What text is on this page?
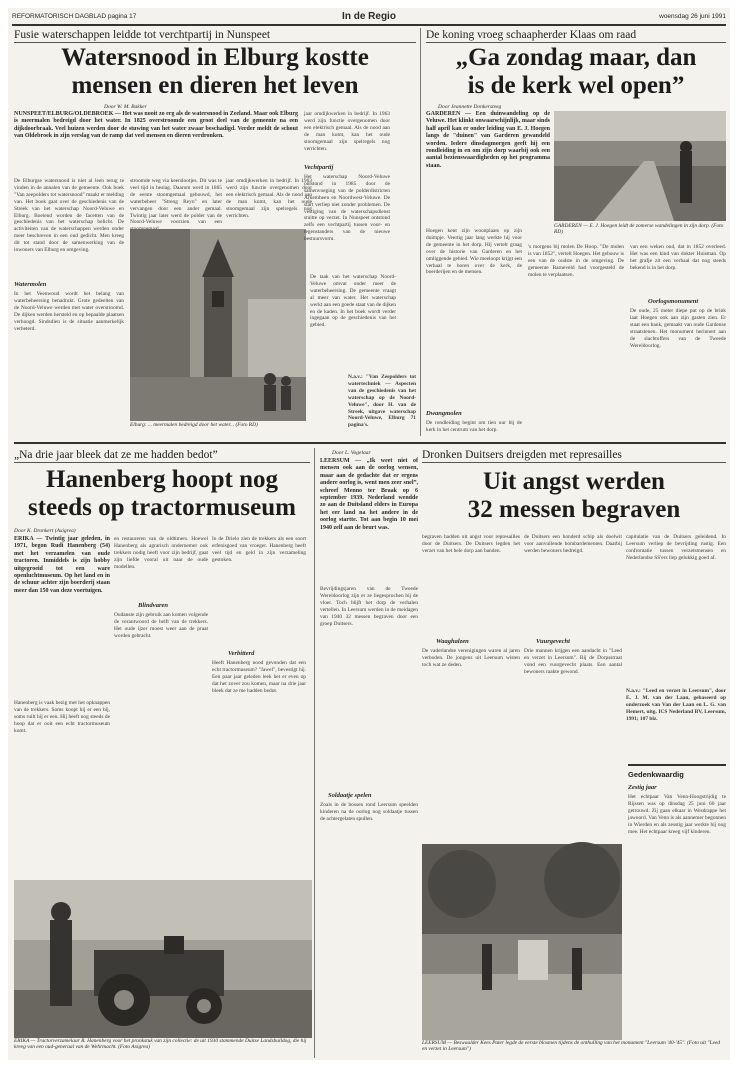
REFORMATORISCH DAGBLAD pagina 17	In de Regio	woensdag 26 juni 1991
Fusie waterschappen leidde tot verchtpartij in Nunspeet
Watersnood in Elburg kostte
mensen en dieren het leven
Door W. M. Bakker
NUNSPEET/ELBURG/OLDEBROEK — Het was nooit zo erg als de watersnood in Zeeland. Maar ook Elburg is meermalen bedreigd door het water. In 1825 overstroomde een groot deel van de gemeente na een dijkdoorbraak. Veel huizen werden door de stuwing van het water zwaar beschadigd. Verder meldt de schout van Oldebroek in zijn verslag van de ramp dat veel mensen en dieren verdronken.
De Elburgse watersnood is niet al leen terug te vinden in de annalen van de gemeente. Ook boek "Van zeepolders tot watersnood" maakt er melding van. Het boek gaat over de geschiedenis van de Streek van het waterschap Noord-Veluwe en Elburg. Boeiend worden de facetten van de geschiedenis van het waterschap belicht. De activiteiten van de waterschappen werden onder meer beschreven in een oud gedicht. Men kreeg dit tot stand door de samenwerking van de inwoners van Elburg en omgeving.
Watermolen
In het Veenwoud wordt het belang van waterbeheersing benadrukt. Grote gedeelten van de Noord-Veluwe werden met water overstroomd. De dijken werden hersteld en op bepaalde plaatsen verhoogd. Sindsdien is de situatie aanmerkelijk verbeterd.
stroomde weg via keerslootjes. Dit was te veel tijd in beslag. Daarom werd in 1865 de eerste stoomgemaal gebouwd, het waterbeheer "Streng Reyn" en later vervangen door een ander gemaal. Twintig jaar later werd de polder van de Noord-Veluwe voorzien van een
Elburg: ... meermalen bedreigd door het water... (Foto RD)
jaar omdijkwerken in bedrijf. In 1963 werd zijn functie overgenomen door een elektrisch gemaal. Als de nood aan de man komt, kan het oude stoomgemaal zijn spelregels nog verrichten.
jaar omdijkwerken in bedrijf. In 1963 werd zijn functie overgenomen door een elektrisch gemaal. Als de nood aan de man komt, kan het oude stoomgemaal zijn spelregels nog verrichten.
Vechtpartij
Het waterschap Noord-Veluwe ontstond in 1985 door de samenvoeging van de polderdistricten Arkemheen en Noordwest-Veluwe. De start verliep niet zonder problemen. De vestiging van de waterschapsdienst stuitte op verzet. In Nunspeet ontstond zelfs een vechtpartij tussen voor- en tegenstanders van de nieuwe bestuursvorm.
De taak van het waterschap Noord-Veluwe omvat onder meer de waterbeheersing. De gemeente vraagt al meer van water. Het waterschap werkt aan een goede staat van de dijken en de kaden. In het boek wordt verder ingegaan op de geschiedenis van het gebied.
N.a.v.: "Van Zeepolders tot watertechniek — Aspecten van de geschiedenis van het waterschap op de Noord-Veluwe", door H. van de Streek, uitgave waterschap Noord-Veluwe, Elburg 71 pagina's.
De koning vroeg schaapherder Klaas om raad
„Ga zondag maar, dan
is de kerk wel open”
Door Jeannette Donkersteeg
GARDEREN — Een duinwandeling op de Veluwe. Het klinkt onwaarschijnlijk, maar sinds half april kan er onder leiding van E. J. Hoegen langs de "duinen" van Garderen gewandeld worden. Iedere dinsdagmorgen geeft hij een rondleiding in en om zijn dorp waarbij ook een aantal bezienswaardigheden op het programma staan.
GARDEREN — E. J. Hoegen leidt de zomerse wandelingen in zijn dorp. (Foto RD)
Hoegen kent zijn woonplaats op zijn duimpje. Veertig jaar lang werkte hij voor de gemeente in het dorp. Hij vertelt graag over de historie van Garderen en het omliggende gebied. Wie meeloopt krijgt een verhaal te horen over de kerk, de boerderijen en de mensen.
Dwangmolen
De rondleiding begint om tien uur bij de kerk in het centrum van het dorp.
's morgens bij molen De Hoop. "De molen is van 1852", vertelt Hoegen. Het gebouw is een van de oudste in de omgeving. De gemeente Barneveld had voorgesteld de molen te verplaatsen.
van een weken oud, dat in 1852 overleed. Het was een kind van dokter Huisman. Op het grafje zit een verhaal dat nog steeds bekend is in het dorp.
Oorlogsmonument
De oude, 25 meter diepe put op de brink laat Hoegen ook aan zijn gasten zien. Er staat een bank, gemaakt van oude Gardense straatstenen. Het monument herinnert aan de slachtoffers van de Tweede Wereldoorlog.
„Na drie jaar bleek dat ze me hadden bedot”
Hanenberg hoopt nog
steeds op tractormuseum
Door K. Dronkert (Axigrea)
ERIKA — Twintig jaar geleden, in 1971, begon Rudi Hanenberg (54) met het verzamelen van oude tractoren. Inmiddels is zijn hobby uitgegroeid tot een ware openluchtmuseum. Op het land en in de schuur achter zijn boerderij staan meer dan 150 van deze voertuigen.
Hanenberg is vaak bezig met het opknappen van de trekkers. Soms koopt hij er een bij, soms ruilt hij er een. Hij heeft nog steeds de hoop dat er ooit een echt tractormuseum komt.
en restaureren van de oldtimers. Hoewel Hanenberg als agrarisch ondernemer ook trekkers nodig heeft voor zijn bedrijf, gaat zijn liefde vooral uit naar de oude modellen.
Blindvaren
Oudanste zijn gebruik aan komen volgende de verantwoord de helft van de trekkers. Het oude ijzer moest weer aan de praat worden gebracht.
In de Drielo zien de trekkers als een soort erfenisgoed van vroeger. Hanenberg heeft veel tijd en geld in zijn verzameling gestoken.
Verbitterd
Heeft Hanenberg nood gevonden dat een echt tractormuseum? "Jawel", bevestigt hij. Een paar jaar geleden leek het er even op dat het zover zou komen, maar na drie jaar bleek dat ze me hadden bedot.
ERIKA — Tractorverzamelaar R. Hanenberg voor het pronkstuk van zijn collectie: de uit 1930 stammende Duitse Landsbulldog, die hij kreeg van een oud-generaal van de Wehrmacht. (Foto Axigrea)
Door L. Vogelaar
LEERSUM — „Ik weet niet of mensen ook aan de oorlog wensen, maar aan de gedachte dat er ergens andere oorlog is, went men zeer snel”, schreef Menno ter Braak op 6 september 1939. Nederland wendde zo aan de Duitsland elders in Europa het eer land na het andere in de oorlog startte. Tot aan begin 10 mei 1940 zelf aan de beurt was.
Bevrijdingsjaren van de Tweede Wereldoorlog zijn er ze liegesprochen bij de vloer. Toch blijft het dorp de verhalen vertellen. In Leersum werden in de meidagen van 1940 32 messen begraven door een groep Duitsers.
Soldaatje spelen
Zoals in de bossen rond Leersum speelden kinderen na de oorlog nog soldaatje tussen de achtergelaten spullen.
begraven hadden uit angst voor represailles door de Duitsers. De Duitsers legden het verzet van het hele dorp aan banden.
Waaghalzen
De vaderlandse verenigingen waren al jaren verboden. De jongens uit Leersum wisten toch wat ze deden.
LEERSUM — Beswaalder Kees Pater legde de eerste blosmen tijdens de onthulling van het monument "Leersum '40-'45". (Foto uit "Leed en verzet in Leersum")
Dronken Duitsers dreigden met represailles
Uit angst werden
32 messen begraven
de Duitsers een honderd schip als doelwit voor aanvullende bombardementen. Daarbij werden bewoners bedreigd.
Vuurgevecht
Drie mannen krijgen een aandacht in "Leed en verzet in Leersum". Bij de Dorpsstraat vond een vuurgevecht plaats. Een aantal bewoners raakte gewond.
capitulatie van de Duitsers geleidend. In Leersum verliep de bevrijding rustig. Een confrontatie tussen verzetsmensen en Nederlandse SS'ers liep gelukkig goed af.
N.a.v.: "Leed en verzet in Leersum", door E. J. M. van der Laan, gebaseerd op onderzoek van Van der Laan en L. G. van Hemert, uitg. ICS Nederland BV, Leersum, 1991; 107 blz.
Gedenkwaardig
Zestig jaar
Het echtpaar Van Venn-Hoogstrijdig te Rijssen was op dinsdag 25 juni 60 jaar getrouwd. Zij gaan elkaar in Wesdrappe het jawoord. Van Venn is als aannemer begonnen in Wierden en als zesstig jaar werkte hij nog mee. Het echtpaar kreeg vijf kinderen.
